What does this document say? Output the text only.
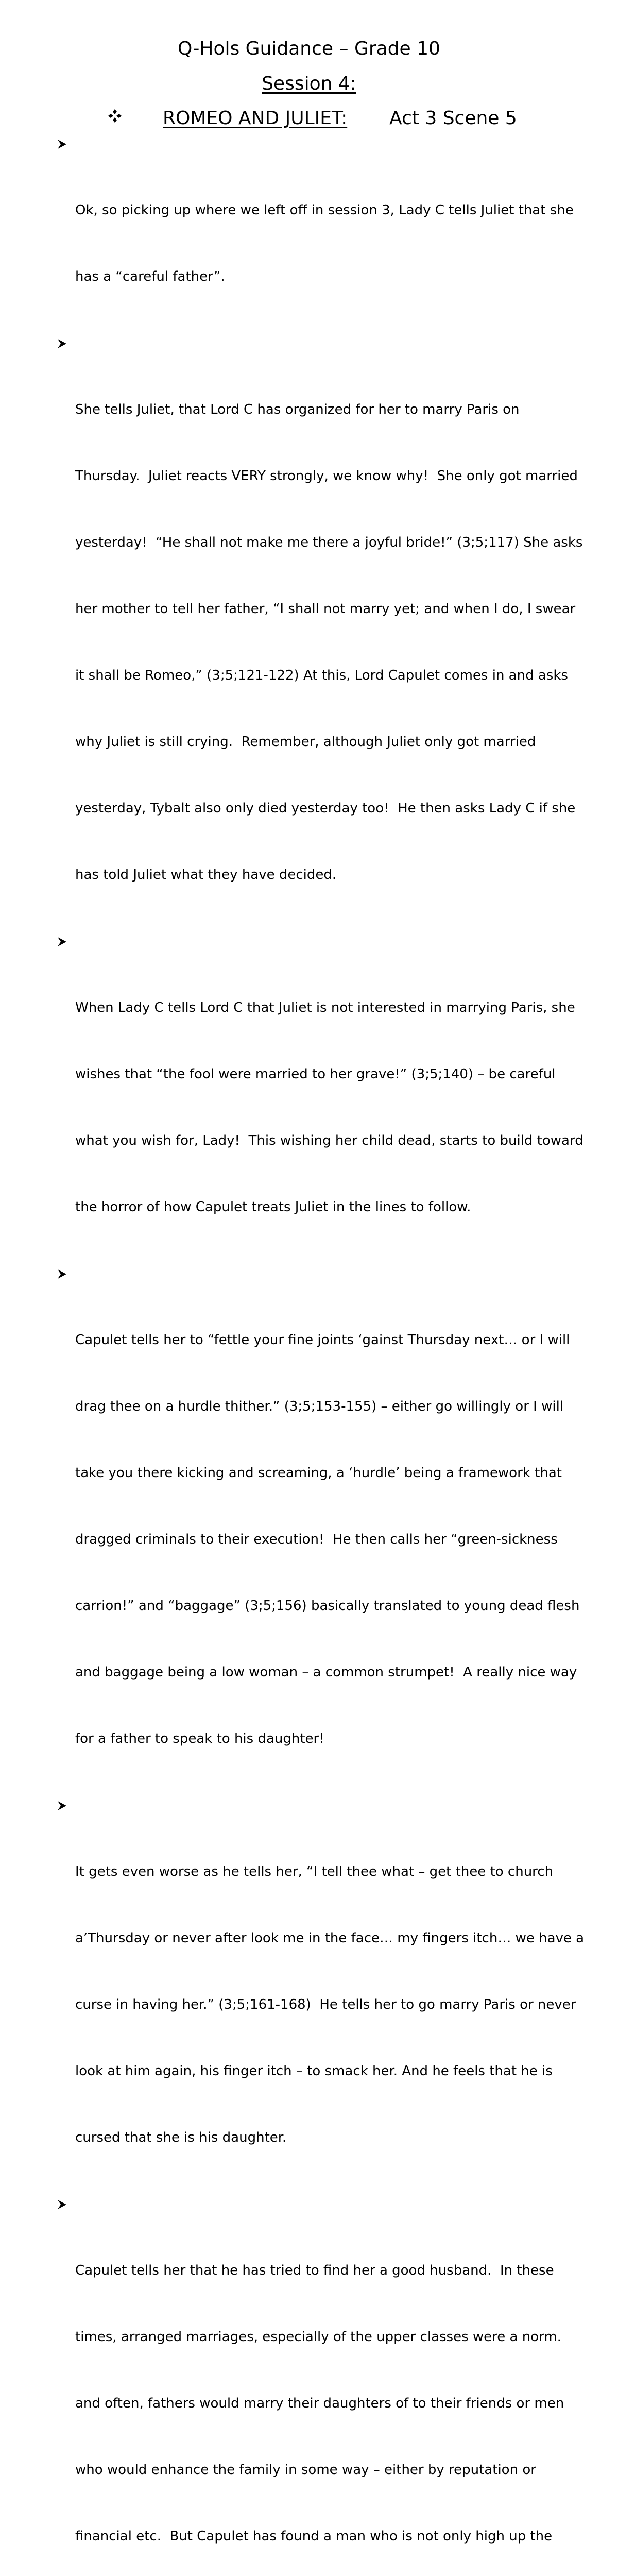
Q-Hols Guidance – Grade 10
Session 4:
ROMEO AND JULIET: Act 3 Scene 5

Ok, so picking up where we left off in session 3, Lady C tells Juliet that she

has a “careful father”.

She tells Juliet, that Lord C has organized for her to marry Paris on

Thursday.  Juliet reacts VERY strongly, we know why!  She only got married

yesterday!  “He shall not make me there a joyful bride!” (3;5;117) She asks

her mother to tell her father, “I shall not marry yet; and when I do, I swear

it shall be Romeo,” (3;5;121-122) At this, Lord Capulet comes in and asks

why Juliet is still crying.  Remember, although Juliet only got married

yesterday, Tybalt also only died yesterday too!  He then asks Lady C if she

has told Juliet what they have decided.

When Lady C tells Lord C that Juliet is not interested in marrying Paris, she

wishes that “the fool were married to her grave!” (3;5;140) – be careful

what you wish for, Lady!  This wishing her child dead, starts to build toward

the horror of how Capulet treats Juliet in the lines to follow.

Capulet tells her to “fettle your fine joints ‘gainst Thursday next… or I will

drag thee on a hurdle thither.” (3;5;153-155) – either go willingly or I will

take you there kicking and screaming, a ‘hurdle’ being a framework that

dragged criminals to their execution!  He then calls her “green-sickness

carrion!” and “baggage” (3;5;156) basically translated to young dead flesh

and baggage being a low woman – a common strumpet!  A really nice way

for a father to speak to his daughter!

It gets even worse as he tells her, “I tell thee what – get thee to church

a’Thursday or never after look me in the face… my fingers itch… we have a

curse in having her.” (3;5;161-168)  He tells her to go marry Paris or never

look at him again, his finger itch – to smack her. And he feels that he is

cursed that she is his daughter.

Capulet tells her that he has tried to find her a good husband.  In these

times, arranged marriages, especially of the upper classes were a norm.

and often, fathers would marry their daughters of to their friends or men

who would enhance the family in some way – either by reputation or

financial etc.  But Capulet has found a man who is not only high up the
